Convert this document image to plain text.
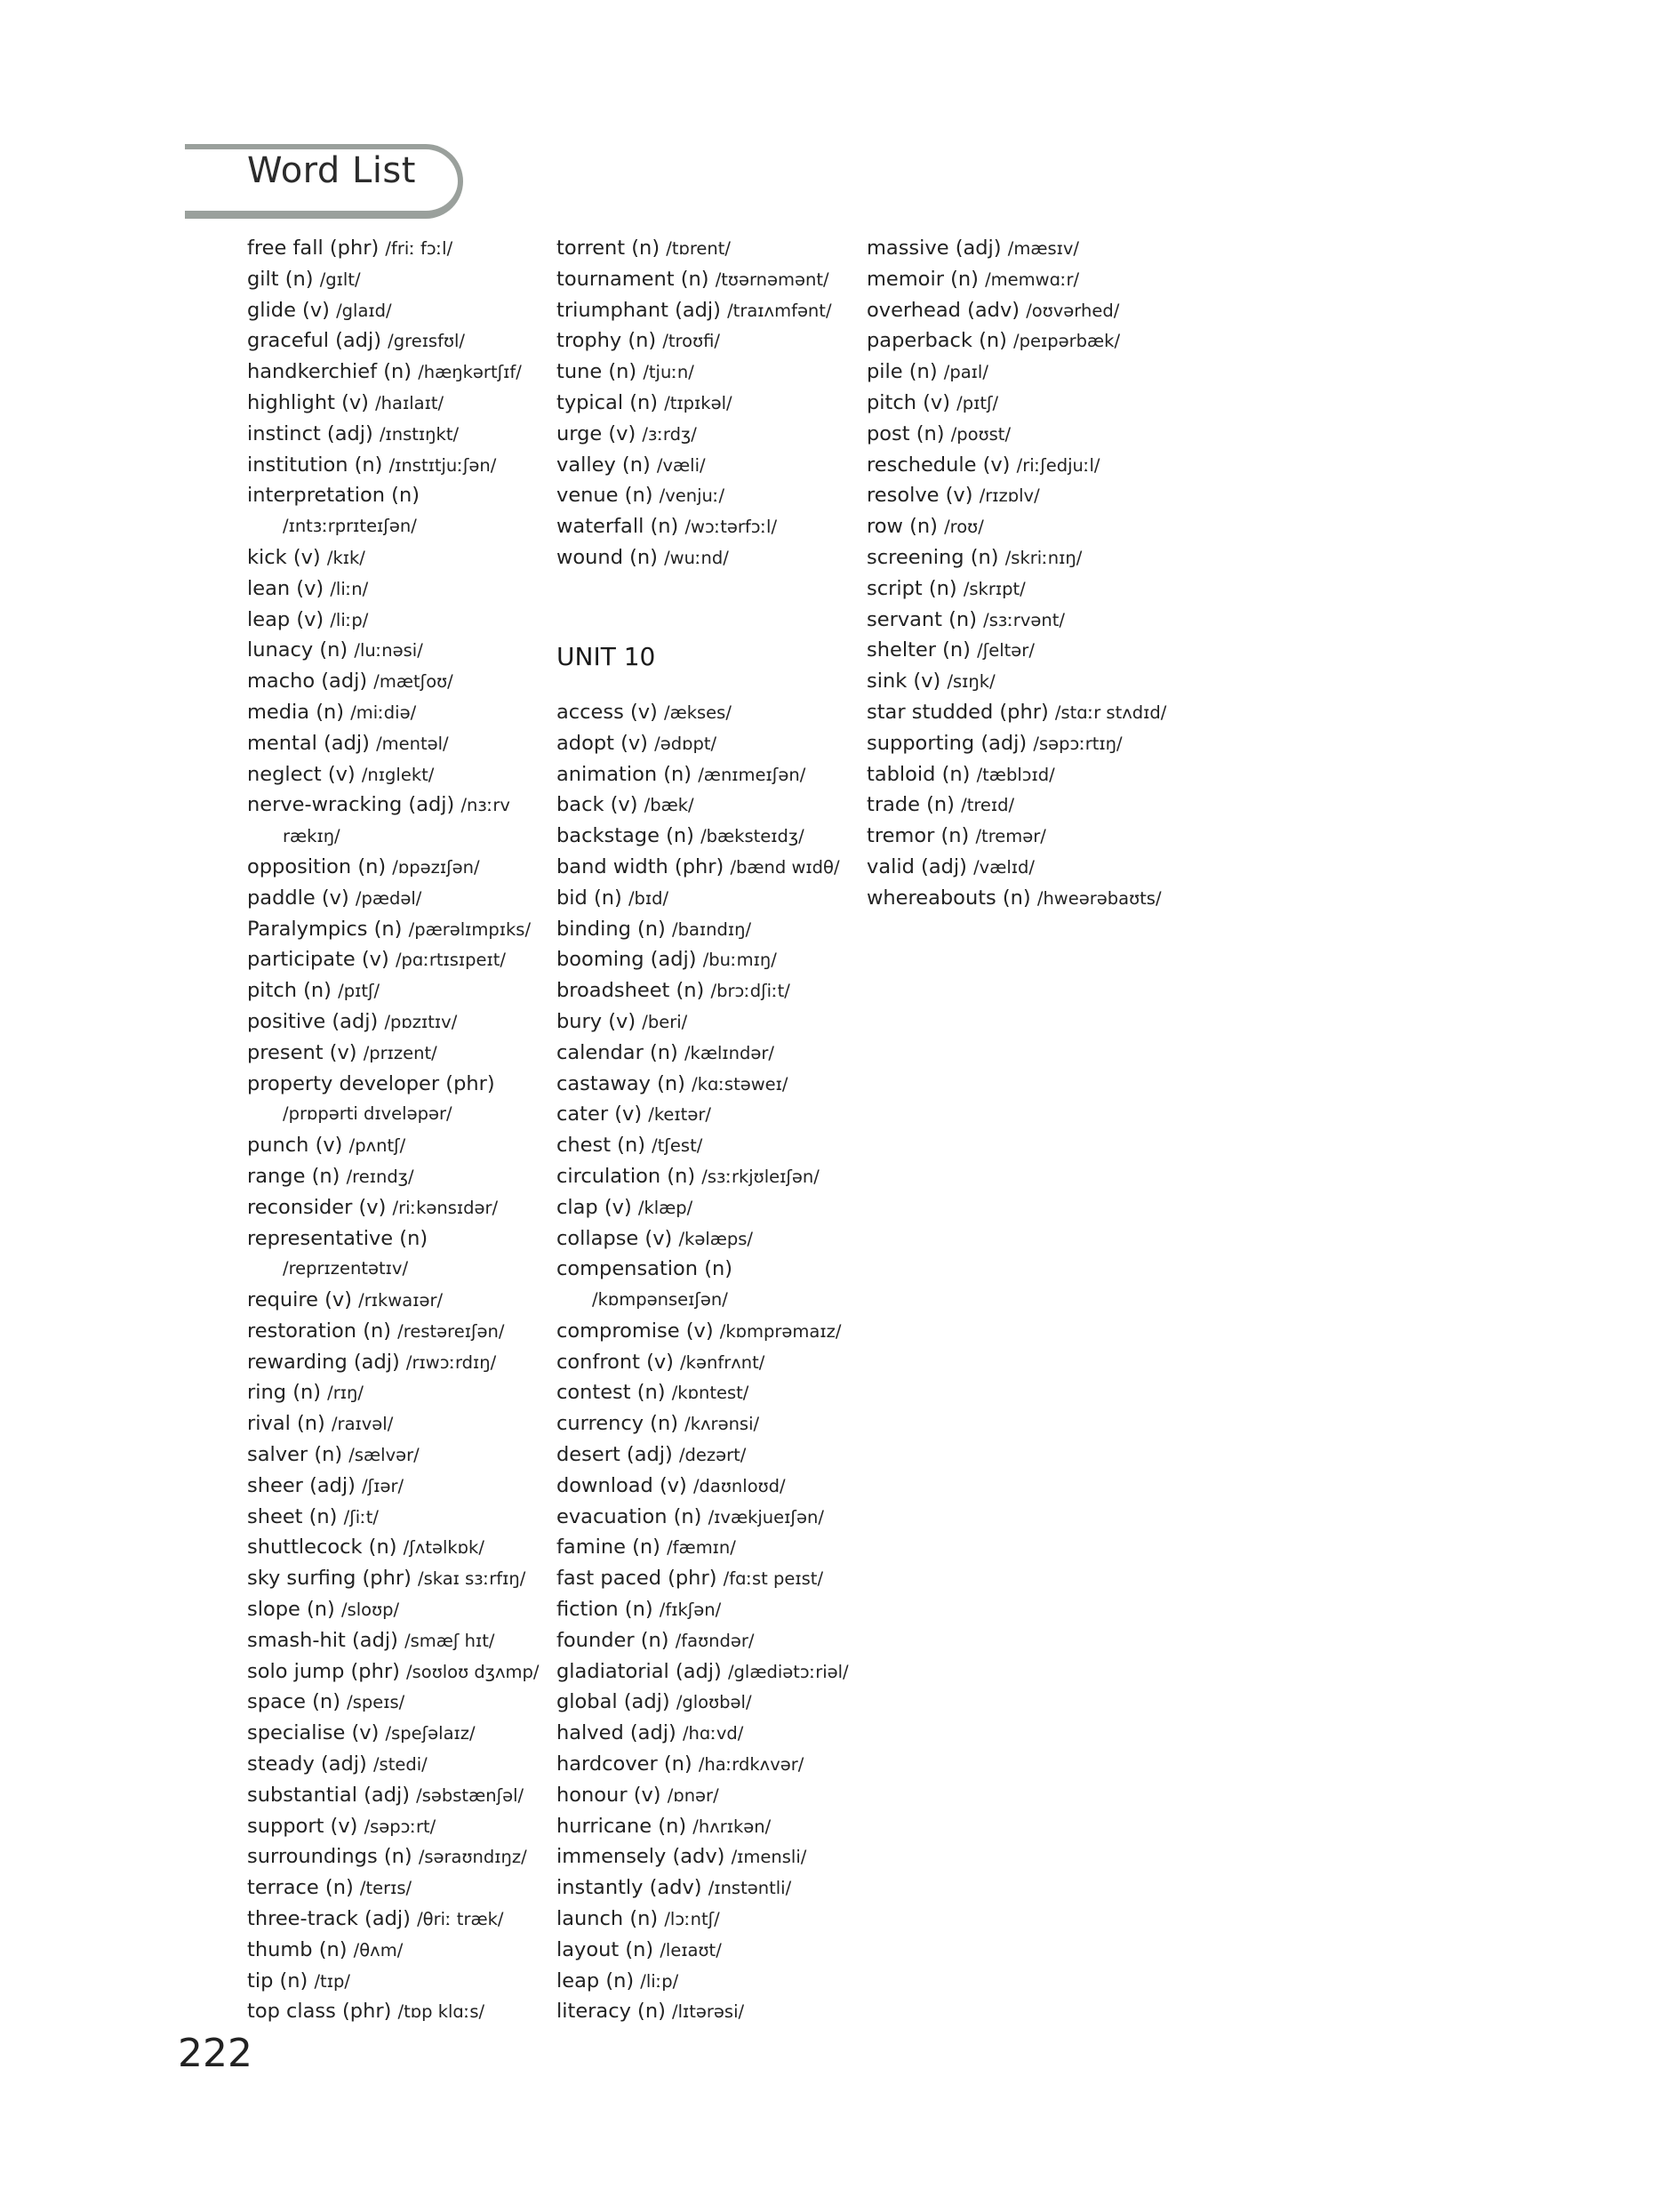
Word List
free fall (phr) /friː fɔːl/
gilt (n) /gɪlt/
glide (v) /glaɪd/
graceful (adj) /greɪsfʊl/
handkerchief (n) /hæŋkərtʃɪf/
highlight (v) /haɪlaɪt/
instinct (adj) /ɪnstɪŋkt/
institution (n) /ɪnstɪtjuːʃən/
interpretation (n)
/ɪntɜːrprɪteɪʃən/
kick (v) /kɪk/
lean (v) /liːn/
leap (v) /liːp/
lunacy (n) /luːnəsi/
macho (adj) /mætʃoʊ/
media (n) /miːdiə/
mental (adj) /mentəl/
neglect (v) /nɪglekt/
nerve-wracking (adj) /nɜːrv
rækɪŋ/
opposition (n) /ɒpəzɪʃən/
paddle (v) /pædəl/
Paralympics (n) /pærəlɪmpɪks/
participate (v) /pɑːrtɪsɪpeɪt/
pitch (n) /pɪtʃ/
positive (adj) /pɒzɪtɪv/
present (v) /prɪzent/
property developer (phr)
/prɒpərti dɪveləpər/
punch (v) /pʌntʃ/
range (n) /reɪndʒ/
reconsider (v) /riːkənsɪdər/
representative (n)
/reprɪzentətɪv/
require (v) /rɪkwaɪər/
restoration (n) /restəreɪʃən/
rewarding (adj) /rɪwɔːrdɪŋ/
ring (n) /rɪŋ/
rival (n) /raɪvəl/
salver (n) /sælvər/
sheer (adj) /ʃɪər/
sheet (n) /ʃiːt/
shuttlecock (n) /ʃʌtəlkɒk/
sky surfing (phr) /skaɪ sɜːrfɪŋ/
slope (n) /sloʊp/
smash-hit (adj) /smæʃ hɪt/
solo jump (phr) /soʊloʊ dʒʌmp/
space (n) /speɪs/
specialise (v) /speʃəlaɪz/
steady (adj) /stedi/
substantial (adj) /səbstænʃəl/
support (v) /səpɔːrt/
surroundings (n) /səraʊndɪŋz/
terrace (n) /terɪs/
three-track (adj) /θriː træk/
thumb (n) /θʌm/
tip (n) /tɪp/
top class (phr) /tɒp klɑːs/
torrent (n) /tɒrent/
tournament (n) /tʊərnəmənt/
triumphant (adj) /traɪʌmfənt/
trophy (n) /troʊfi/
tune (n) /tjuːn/
typical (n) /tɪpɪkəl/
urge (v) /ɜːrdʒ/
valley (n) /væli/
venue (n) /venjuː/
waterfall (n) /wɔːtərfɔːl/
wound (n) /wuːnd/
UNIT 10
access (v) /ækses/
adopt (v) /ədɒpt/
animation (n) /ænɪmeɪʃən/
back (v) /bæk/
backstage (n) /bæksteɪdʒ/
band width (phr) /bænd wɪdθ/
bid (n) /bɪd/
binding (n) /baɪndɪŋ/
booming (adj) /buːmɪŋ/
broadsheet (n) /brɔːdʃiːt/
bury (v) /beri/
calendar (n) /kælɪndər/
castaway (n) /kɑːstəweɪ/
cater (v) /keɪtər/
chest (n) /tʃest/
circulation (n) /sɜːrkjʊleɪʃən/
clap (v) /klæp/
collapse (v) /kəlæps/
compensation (n)
/kɒmpənseɪʃən/
compromise (v) /kɒmprəmaɪz/
confront (v) /kənfrʌnt/
contest (n) /kɒntest/
currency (n) /kʌrənsi/
desert (adj) /dezərt/
download (v) /daʊnloʊd/
evacuation (n) /ɪvækjueɪʃən/
famine (n) /fæmɪn/
fast paced (phr) /fɑːst peɪst/
fiction (n) /fɪkʃən/
founder (n) /faʊndər/
gladiatorial (adj) /glædiətɔːriəl/
global (adj) /gloʊbəl/
halved (adj) /hɑːvd/
hardcover (n) /haːrdkʌvər/
honour (v) /ɒnər/
hurricane (n) /hʌrɪkən/
immensely (adv) /ɪmensli/
instantly (adv) /ɪnstəntli/
launch (n) /lɔːntʃ/
layout (n) /leɪaʊt/
leap (n) /liːp/
literacy (n) /lɪtərəsi/
massive (adj) /mæsɪv/
memoir (n) /memwɑːr/
overhead (adv) /oʊvərhed/
paperback (n) /peɪpərbæk/
pile (n) /paɪl/
pitch (v) /pɪtʃ/
post (n) /poʊst/
reschedule (v) /riːʃedjuːl/
resolve (v) /rɪzɒlv/
row (n) /roʊ/
screening (n) /skriːnɪŋ/
script (n) /skrɪpt/
servant (n) /sɜːrvənt/
shelter (n) /ʃeltər/
sink (v) /sɪŋk/
star studded (phr) /stɑːr stʌdɪd/
supporting (adj) /səpɔːrtɪŋ/
tabloid (n) /tæblɔɪd/
trade (n) /treɪd/
tremor (n) /tremər/
valid (adj) /vælɪd/
whereabouts (n) /hweərəbaʊts/

222
